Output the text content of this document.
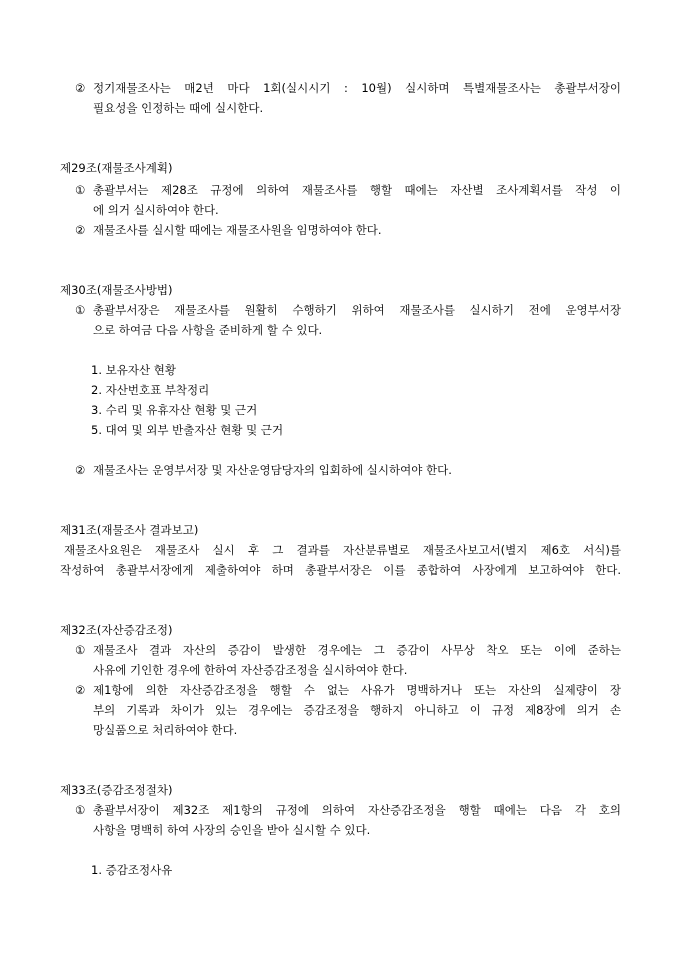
② 정기재물조사는 매2년 마다 1회(실시시기 : 10월) 실시하며 특별재물조사는 총괄부서장이
필요성을 인정하는 때에 실시한다.
제29조(재물조사계획)
① 총괄부서는 제28조 규정에 의하여 재물조사를 행할 때에는 자산별 조사계획서를 작성 이
에 의거 실시하여야 한다.
② 재물조사를 실시할 때에는 재물조사원을 임명하여야 한다.
제30조(재물조사방법)
① 총괄부서장은 재물조사를 원활히 수행하기 위하여 재물조사를 실시하기 전에 운영부서장
으로 하여금 다음 사항을 준비하게 할 수 있다.
1. 보유자산 현황
2. 자산번호표 부착정리
3. 수리 및 유휴자산 현황 및 근거
5. 대여 및 외부 반출자산 현황 및 근거
② 재물조사는 운영부서장 및 자산운영담당자의 입회하에 실시하여야 한다.
제31조(재물조사 결과보고)
재물조사요원은 재물조사 실시 후 그 결과를 자산분류별로 재물조사보고서(별지 제6호 서식)를
작성하여 총괄부서장에게 제출하여야 하며 총괄부서장은 이를 종합하여 사장에게 보고하여야 한다.
제32조(자산증감조정)
① 재물조사 결과 자산의 증감이 발생한 경우에는 그 증감이 사무상 착오 또는 이에 준하는
사유에 기인한 경우에 한하여 자산증감조정을 실시하여야 한다.
② 제1항에 의한 자산증감조정을 행할 수 없는 사유가 명백하거나 또는 자산의 실제량이 장
부의 기록과 차이가 있는 경우에는 증감조정을 행하지 아니하고 이 규정 제8장에 의거 손
망실품으로 처리하여야 한다.
제33조(증감조정절차)
① 총괄부서장이 제32조 제1항의 규정에 의하여 자산증감조정을 행할 때에는 다음 각 호의
사항을 명백히 하여 사장의 승인을 받아 실시할 수 있다.
1. 증감조정사유
